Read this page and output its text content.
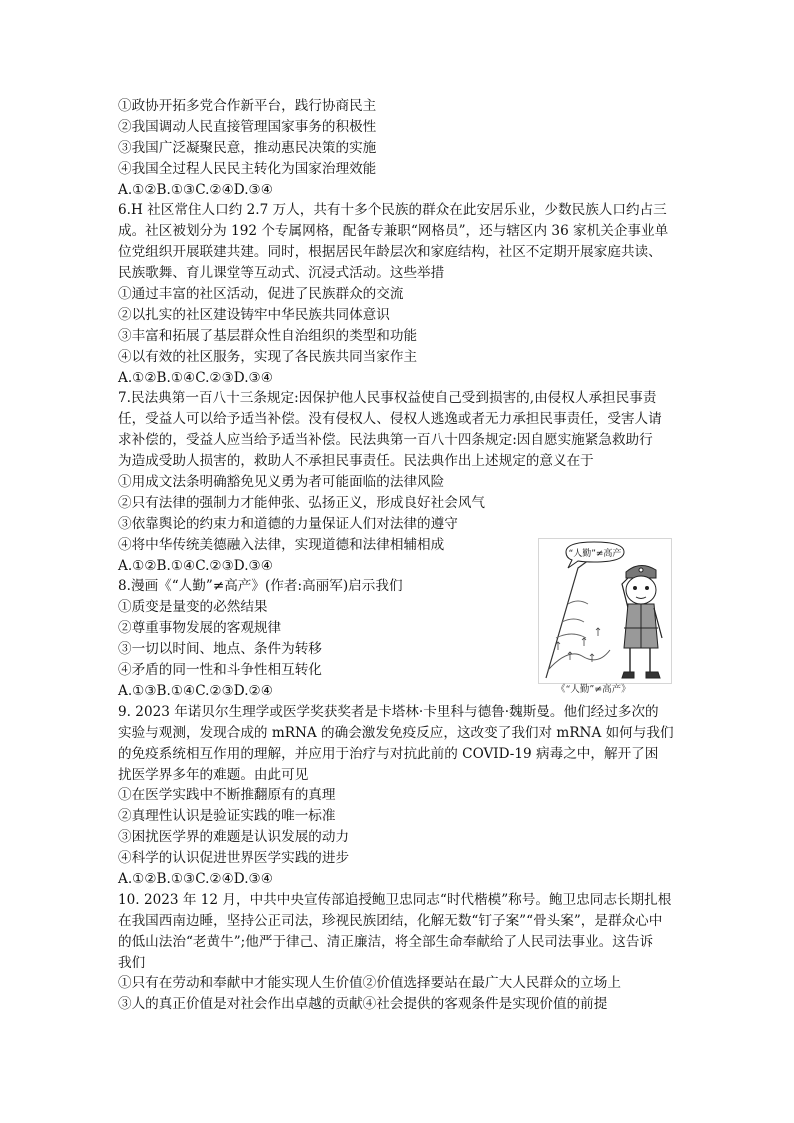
①政协开拓多党合作新平台，践行协商民主
②我国调动人民直接管理国家事务的积极性
③我国广泛凝聚民意，推动惠民决策的实施
④我国全过程人民民主转化为国家治理效能
A.①②B.①③C.②④D.③④
6.H 社区常住人口约 2.7 万人，共有十多个民族的群众在此安居乐业，少数民族人口约占三
成。社区被划分为 192 个专属网格，配备专兼职“网格员”，还与辖区内 36 家机关企事业单
位党组织开展联建共建。同时，根据居民年龄层次和家庭结构，社区不定期开展家庭共读、
民族歌舞、育儿课堂等互动式、沉浸式活动。这些举措
①通过丰富的社区活动，促进了民族群众的交流
②以扎实的社区建设铸牢中华民族共同体意识
③丰富和拓展了基层群众性自治组织的类型和功能
④以有效的社区服务，实现了各民族共同当家作主
A.①②B.①④C.②③D.③④
7.民法典第一百八十三条规定:因保护他人民事权益使自己受到损害的,由侵权人承担民事责
任，受益人可以给予适当补偿。没有侵权人、侵权人逃逸或者无力承担民事责任，受害人请
求补偿的，受益人应当给予适当补偿。民法典第一百八十四条规定:因自愿实施紧急救助行
为造成受助人损害的，救助人不承担民事责任。民法典作出上述规定的意义在于
①用成文法条明确豁免见义勇为者可能面临的法律风险
②只有法律的强制力才能伸张、弘扬正义，形成良好社会风气
③依靠舆论的约束力和道德的力量保证人们对法律的遵守
④将中华传统美德融入法律，实现道德和法律相辅相成
A.①②B.①④C.②③D.③④
8.漫画《“人勤”≠高产》(作者:高丽军)启示我们
①质变是量变的必然结果
②尊重事物发展的客观规律
③一切以时间、地点、条件为转移
④矛盾的同一性和斗争性相互转化
A.①③B.①④C.②③D.②④
9. 2023 年诺贝尔生理学或医学奖获奖者是卡塔林·卡里科与德鲁·魏斯曼。他们经过多次的
实验与观测，发现合成的 mRNA 的确会激发免疫反应，这改变了我们对 mRNA 如何与我们
的免疫系统相互作用的理解，并应用于治疗与对抗此前的 COVID-19 病毒之中，解开了困
扰医学界多年的难题。由此可见
①在医学实践中不断推翻原有的真理
②真理性认识是验证实践的唯一标准
③困扰医学界的难题是认识发展的动力
④科学的认识促进世界医学实践的进步
A.①②B.①③C.②④D.③④
10. 2023 年 12 月，中共中央宣传部追授鲍卫忠同志“时代楷模”称号。鲍卫忠同志长期扎根
在我国西南边睡，坚持公正司法，珍视民族团结，化解无数“钉子案”“骨头案”，是群众心中
的低山法治“老黄牛”;他严于律己、清正廉洁，将全部生命奉献给了人民司法事业。这告诉
我们
①只有在劳动和奉献中才能实现人生价值②价值选择要站在最广大人民群众的立场上
③人的真正价值是对社会作出卓越的贡献④社会提供的客观条件是实现价值的前提
“人勤”≠高产
《“人勤”≠高产》
